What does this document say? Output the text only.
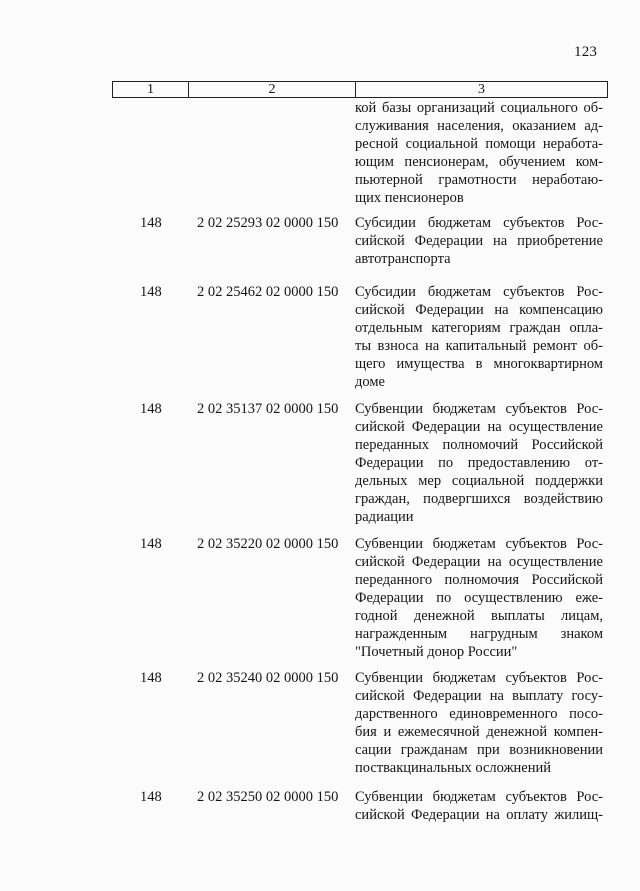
123
1	2	3
кой базы организаций социального об-
служивания населения, оказанием ад-
ресной социальной помощи неработа-
ющим пенсионерам, обучением ком-
пьютерной грамотности неработаю-
щих пенсионеров
148 2 02 25293 02 0000 150 Субсидии бюджетам субъектов Рос-
сийской Федерации на приобретение
автотранспорта
148 2 02 25462 02 0000 150 Субсидии бюджетам субъектов Рос-
сийской Федерации на компенсацию
отдельным категориям граждан опла-
ты взноса на капитальный ремонт об-
щего имущества в многоквартирном
доме
148 2 02 35137 02 0000 150 Субвенции бюджетам субъектов Рос-
сийской Федерации на осуществление
переданных полномочий Российской
Федерации по предоставлению от-
дельных мер социальной поддержки
граждан, подвергшихся воздействию
радиации
148 2 02 35220 02 0000 150 Субвенции бюджетам субъектов Рос-
сийской Федерации на осуществление
переданного полномочия Российской
Федерации по осуществлению еже-
годной денежной выплаты лицам,
награжденным нагрудным знаком
"Почетный донор России"
148 2 02 35240 02 0000 150 Субвенции бюджетам субъектов Рос-
сийской Федерации на выплату госу-
дарственного единовременного посо-
бия и ежемесячной денежной компен-
сации гражданам при возникновении
поствакцинальных осложнений
148 2 02 35250 02 0000 150 Субвенции бюджетам субъектов Рос-
сийской Федерации на оплату жилищ-
